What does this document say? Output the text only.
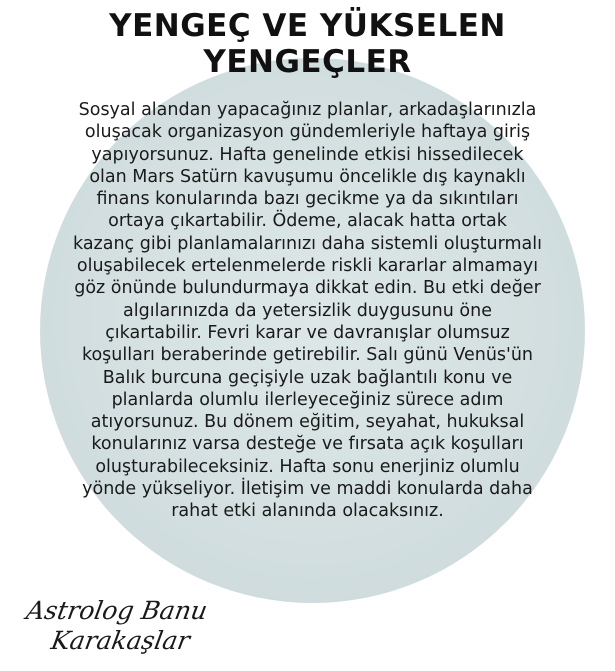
YENGEÇ VE YÜKSELEN
YENGEÇLER
Sosyal alandan yapacağınız planlar, arkadaşlarınızla
oluşacak organizasyon gündemleriyle haftaya giriş
yapıyorsunuz. Hafta genelinde etkisi hissedilecek
olan Mars Satürn kavuşumu öncelikle dış kaynaklı
finans konularında bazı gecikme ya da sıkıntıları
ortaya çıkartabilir. Ödeme, alacak hatta ortak
kazanç gibi planlamalarınızı daha sistemli oluşturmalı
oluşabilecek ertelenmelerde riskli kararlar almamayı
göz önünde bulundurmaya dikkat edin. Bu etki değer
algılarınızda da yetersizlik duygusunu öne
çıkartabilir. Fevri karar ve davranışlar olumsuz
koşulları beraberinde getirebilir. Salı günü Venüs'ün
Balık burcuna geçişiyle uzak bağlantılı konu ve
planlarda olumlu ilerleyeceğiniz sürece adım
atıyorsunuz. Bu dönem eğitim, seyahat, hukuksal
konularınız varsa desteğe ve fırsata açık koşulları
oluşturabileceksiniz. Hafta sonu enerjiniz olumlu
yönde yükseliyor. İletişim ve maddi konularda daha
rahat etki alanında olacaksınız.
Astrolog Banu
Karakaşlar
